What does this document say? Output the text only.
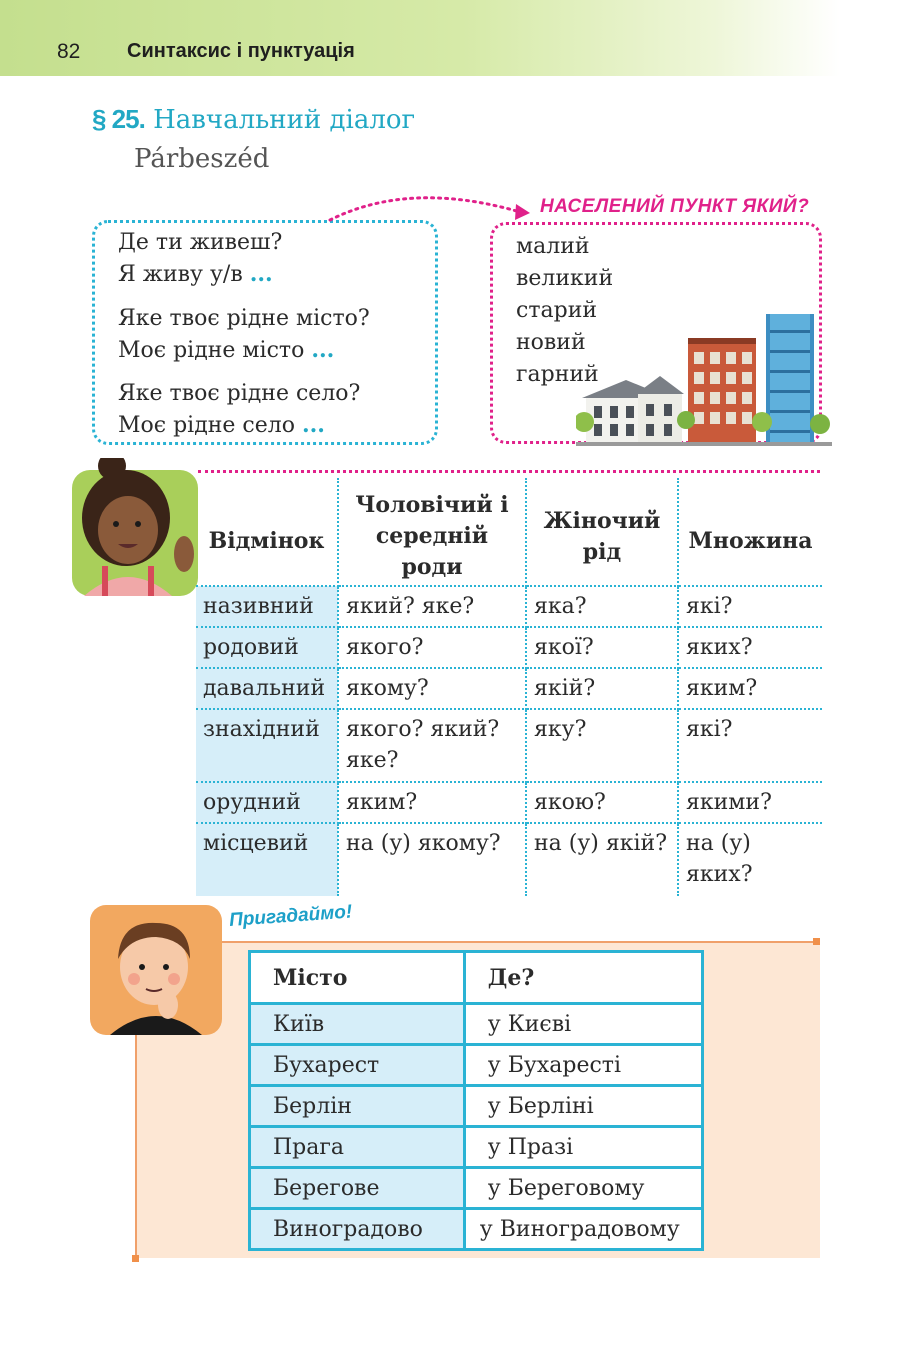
82 Синтаксис і пунктуація
§ 25. Навчальний діалог
Párbeszéd
Де ти живеш?
Я живу у/в ...
Яке твоє рідне місто?
Моє рідне місто ...
Яке твоє рідне село?
Моє рідне село ...
НАСЕЛЕНИЙ ПУНКТ ЯКИЙ?
малий
великий
старий
новий
гарний
Відмінок	Чоловічий і середній роди	Жіночий рід	Множина
називний	який? яке?	яка?	які?
родовий	якого?	якої?	яких?
давальний	якому?	якій?	яким?
знахідний	якого? який? яке?	яку?	які?
орудний	яким?	якою?	якими?
місцевий	на (у) якому?	на (у) якій?	на (у) яких?
Пригадаймо!
Місто	Де?
Київ	у Києві
Бухарест	у Бухаресті
Берлін	у Берліні
Прага	у Празі
Берегове	у Береговому
Виноградово	у Виноградовому
